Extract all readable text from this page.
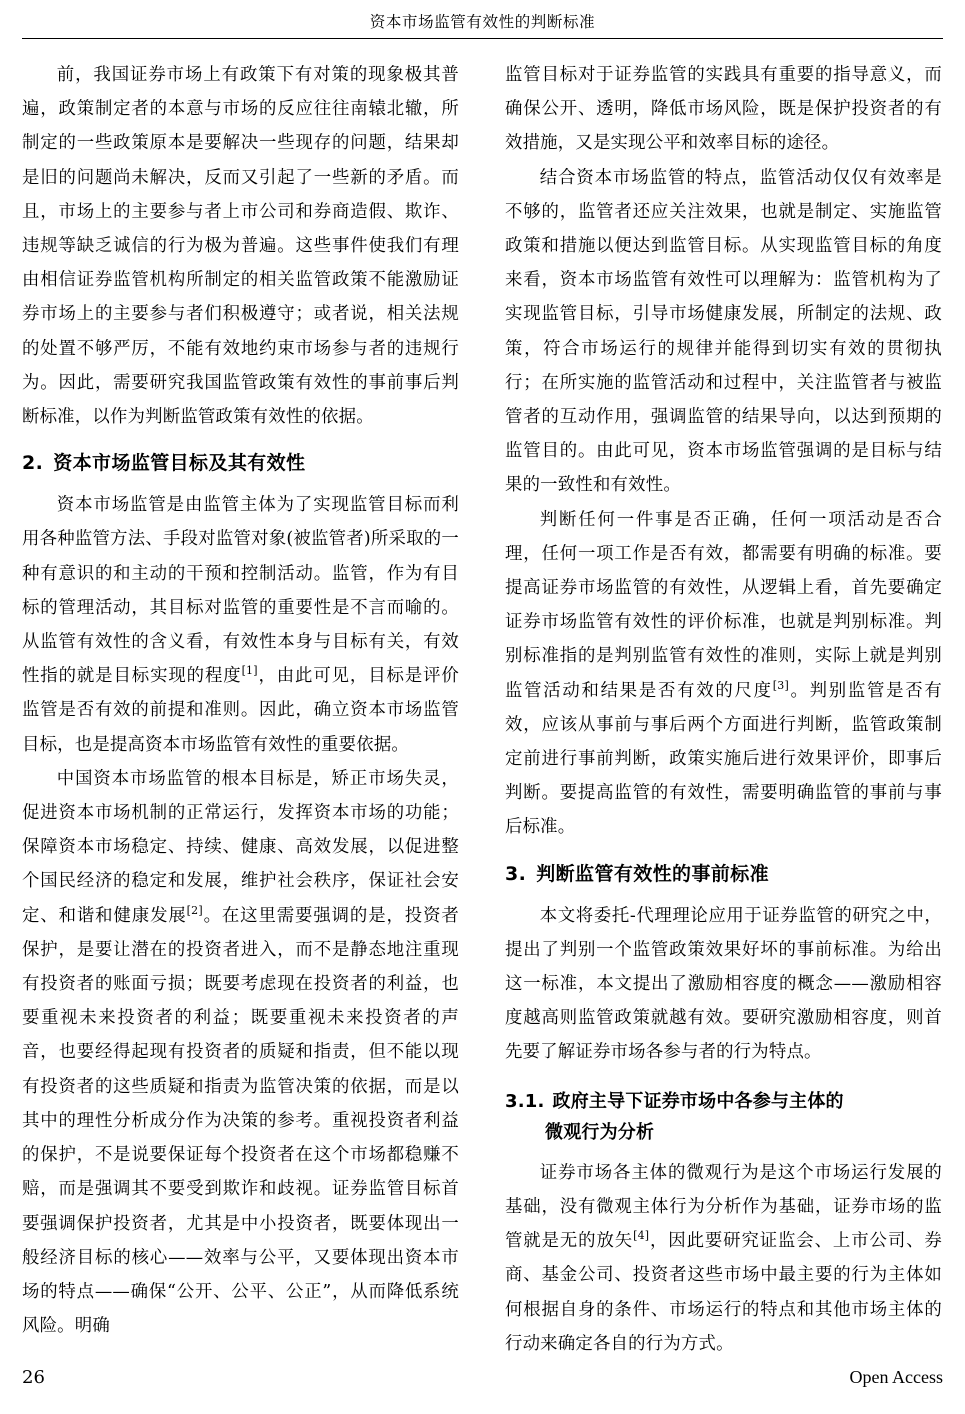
资本市场监管有效性的判断标准

前，我国证券市场上有政策下有对策的现象极其普遍，政策制定者的本意与市场的反应往往南辕北辙，所制定的一些政策原本是要解决一些现存的问题，结果却是旧的问题尚未解决，反而又引起了一些新的矛盾。而且，市场上的主要参与者上市公司和券商造假、欺诈、违规等缺乏诚信的行为极为普遍。这些事件使我们有理由相信证券监管机构所制定的相关监管政策不能激励证券市场上的主要参与者们积极遵守；或者说，相关法规的处置不够严厉，不能有效地约束市场参与者的违规行为。因此，需要研究我国监管政策有效性的事前事后判断标准，以作为判断监管政策有效性的依据。

2. 资本市场监管目标及其有效性

资本市场监管是由监管主体为了实现监管目标而利用各种监管方法、手段对监管对象(被监管者)所采取的一种有意识的和主动的干预和控制活动。监管，作为有目标的管理活动，其目标对监管的重要性是不言而喻的。从监管有效性的含义看，有效性本身与目标有关，有效性指的就是目标实现的程度[1]，由此可见，目标是评价监管是否有效的前提和准则。因此，确立资本市场监管目标，也是提高资本市场监管有效性的重要依据。

中国资本市场监管的根本目标是，矫正市场失灵，促进资本市场机制的正常运行，发挥资本市场的功能；保障资本市场稳定、持续、健康、高效发展，以促进整个国民经济的稳定和发展，维护社会秩序，保证社会安定、和谐和健康发展[2]。在这里需要强调的是，投资者保护，是要让潜在的投资者进入，而不是静态地注重现有投资者的账面亏损；既要考虑现在投资者的利益，也要重视未来投资者的利益；既要重视未来投资者的声音，也要经得起现有投资者的质疑和指责，但不能以现有投资者的这些质疑和指责为监管决策的依据，而是以其中的理性分析成分作为决策的参考。重视投资者利益的保护，不是说要保证每个投资者在这个市场都稳赚不赔，而是强调其不要受到欺诈和歧视。证券监管目标首要强调保护投资者，尤其是中小投资者，既要体现出一般经济目标的核心——效率与公平，又要体现出资本市场的特点——确保“公开、公平、公正”，从而降低系统风险。明确

监管目标对于证券监管的实践具有重要的指导意义，而确保公开、透明，降低市场风险，既是保护投资者的有效措施，又是实现公平和效率目标的途径。

结合资本市场监管的特点，监管活动仅仅有效率是不够的，监管者还应关注效果，也就是制定、实施监管政策和措施以便达到监管目标。从实现监管目标的角度来看，资本市场监管有效性可以理解为：监管机构为了实现监管目标，引导市场健康发展，所制定的法规、政策，符合市场运行的规律并能得到切实有效的贯彻执行；在所实施的监管活动和过程中，关注监管者与被监管者的互动作用，强调监管的结果导向，以达到预期的监管目的。由此可见，资本市场监管强调的是目标与结果的一致性和有效性。

判断任何一件事是否正确，任何一项活动是否合理，任何一项工作是否有效，都需要有明确的标准。要提高证券市场监管的有效性，从逻辑上看，首先要确定证券市场监管有效性的评价标准，也就是判别标准。判别标准指的是判别监管有效性的准则，实际上就是判别监管活动和结果是否有效的尺度[3]。判别监管是否有效，应该从事前与事后两个方面进行判断，监管政策制定前进行事前判断，政策实施后进行效果评价，即事后判断。要提高监管的有效性，需要明确监管的事前与事后标准。

3. 判断监管有效性的事前标准

本文将委托‐代理理论应用于证券监管的研究之中，提出了判别一个监管政策效果好坏的事前标准。为给出这一标准，本文提出了激励相容度的概念——激励相容度越高则监管政策就越有效。要研究激励相容度，则首先要了解证券市场各参与者的行为特点。

3.1. 政府主导下证券市场中各参与主体的
微观行为分析

证券市场各主体的微观行为是这个市场运行发展的基础，没有微观主体行为分析作为基础，证券市场的监管就是无的放矢[4]，因此要研究证监会、上市公司、券商、基金公司、投资者这些市场中最主要的行为主体如何根据自身的条件、市场运行的特点和其他市场主体的行动来确定各自的行为方式。

26	Open Access
